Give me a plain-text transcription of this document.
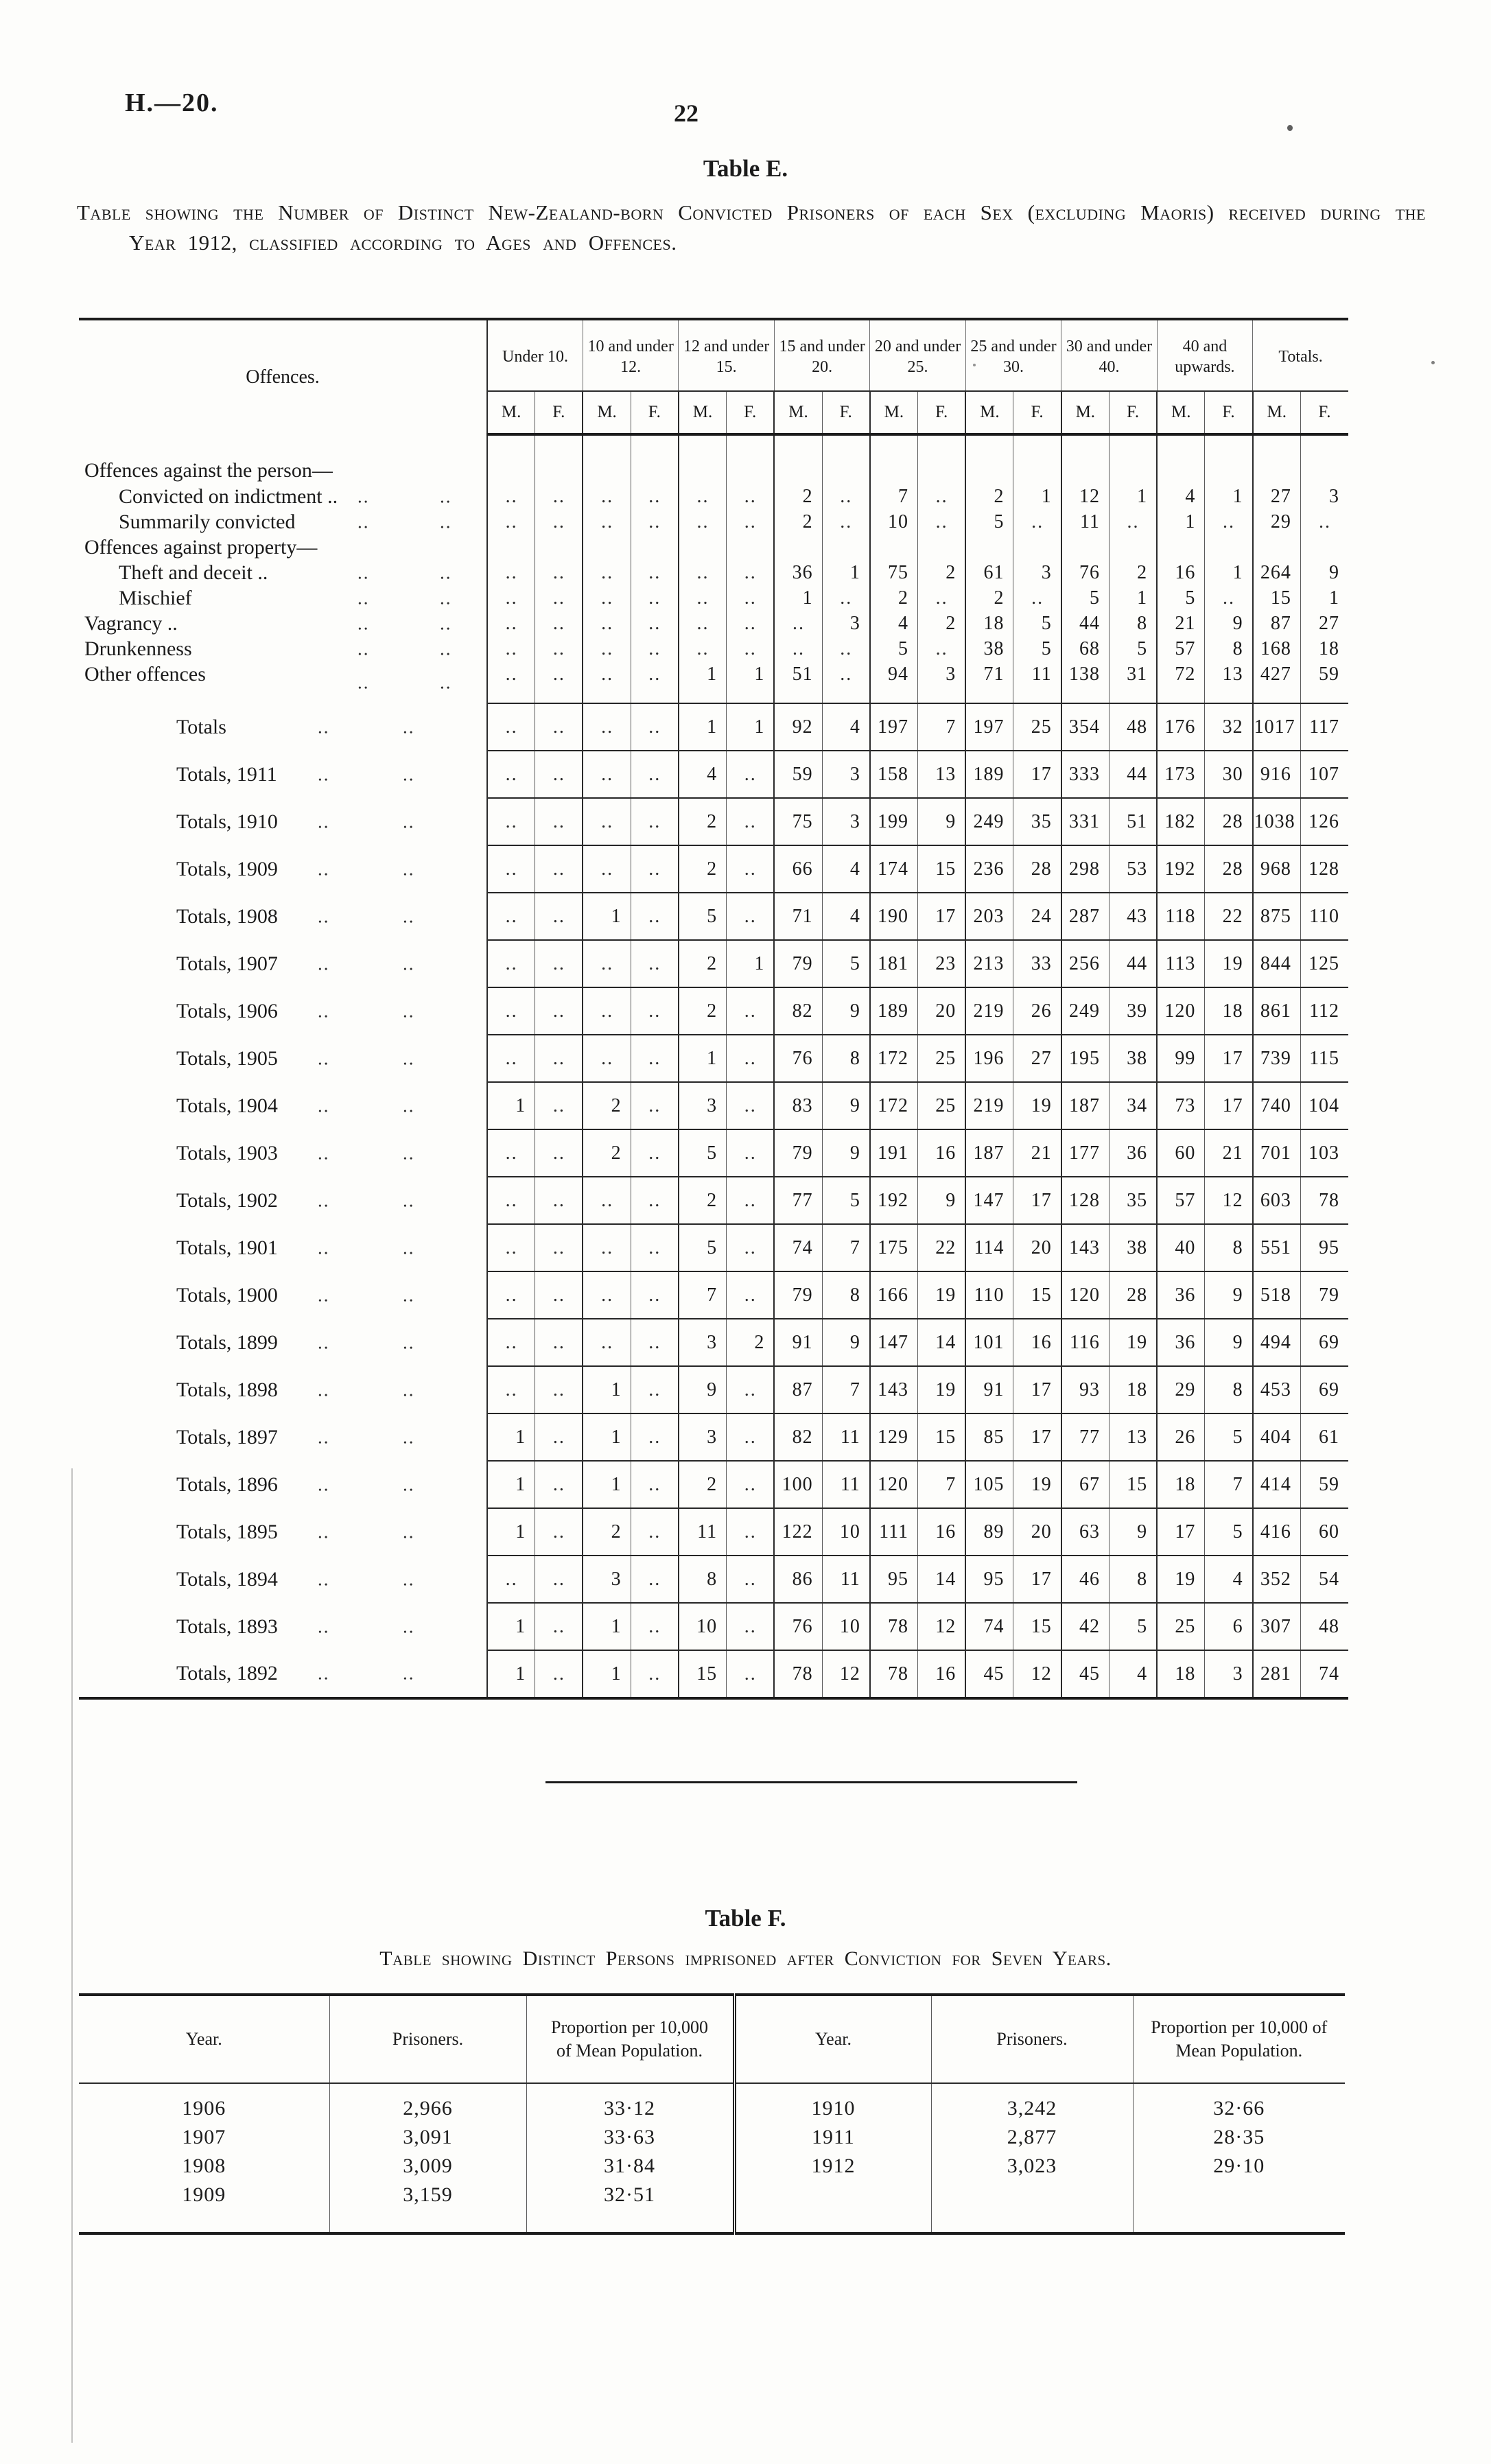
H.—20.	22
Table E.
Table showing the Number of Distinct New-Zealand-born Convicted Prisoners of each Sex (excluding Maoris) received during the Year 1912, classified according to Ages and Offences.
Offences.	Under 10.		10 and under 12.		12 and under 15.		15 and under 20.		20 and under 25.		25 and under 30.		30 and under 40.		40 and upwards.		Totals.	
	M.	F.	M.	F.	M.	F.	M.	F.	M.	F.	M.	F.	M.	F.	M.	F.	M.	F.
Offences against the person—																		
Convicted on indictment .. .. ..	..	..	..	..	..	..	2	..	7	..	2	1	12	1	4	1	27	3
Summarily convicted .. ..	..	..	..	..	..	..	2	..	10	..	5	..	11	..	1	..	29	..
Offences against property—																		
Theft and deceit .. .. ..	..	..	..	..	..	..	36	1	75	2	61	3	76	2	16	1	264	9
Mischief .. ..	..	..	..	..	..	..	1	..	2	..	2	..	5	1	5	..	15	1
Vagrancy .. .. ..	..	..	..	..	..	..	..	3	4	2	18	5	44	8	21	9	87	27
Drunkenness .. ..	..	..	..	..	..	..	..	..	5	..	38	5	68	5	57	8	168	18
Other offences .. ..	..	..	..	..	1	1	51	..	94	3	71	11	138	31	72	13	427	59
Totals .. ..	..	..	..	..	1	1	92	4	197	7	197	25	354	48	176	32	1017	117
Totals, 1911 .. ..	..	..	..	..	4	..	59	3	158	13	189	17	333	44	173	30	916	107
Totals, 1910 .. ..	..	..	..	..	2	..	75	3	199	9	249	35	331	51	182	28	1038	126
Totals, 1909 .. ..	..	..	..	..	2	..	66	4	174	15	236	28	298	53	192	28	968	128
Totals, 1908 .. ..	..	..	1	..	5	..	71	4	190	17	203	24	287	43	118	22	875	110
Totals, 1907 .. ..	..	..	..	..	2	1	79	5	181	23	213	33	256	44	113	19	844	125
Totals, 1906 .. ..	..	..	..	..	2	..	82	9	189	20	219	26	249	39	120	18	861	112
Totals, 1905 .. ..	..	..	..	..	1	..	76	8	172	25	196	27	195	38	99	17	739	115
Totals, 1904 .. ..	1	..	2	..	3	..	83	9	172	25	219	19	187	34	73	17	740	104
Totals, 1903 .. ..	..	..	2	..	5	..	79	9	191	16	187	21	177	36	60	21	701	103
Totals, 1902 .. ..	..	..	..	..	2	..	77	5	192	9	147	17	128	35	57	12	603	78
Totals, 1901 .. ..	..	..	..	..	5	..	74	7	175	22	114	20	143	38	40	8	551	95
Totals, 1900 .. ..	..	..	..	..	7	..	79	8	166	19	110	15	120	28	36	9	518	79
Totals, 1899 .. ..	..	..	..	..	3	2	91	9	147	14	101	16	116	19	36	9	494	69
Totals, 1898 .. ..	..	..	1	..	9	..	87	7	143	19	91	17	93	18	29	8	453	69
Totals, 1897 .. ..	1	..	1	..	3	..	82	11	129	15	85	17	77	13	26	5	404	61
Totals, 1896 .. ..	1	..	1	..	2	..	100	11	120	7	105	19	67	15	18	7	414	59
Totals, 1895 .. ..	1	..	2	..	11	..	122	10	111	16	89	20	63	9	17	5	416	60
Totals, 1894 .. ..	..	..	3	..	8	..	86	11	95	14	95	17	46	8	19	4	352	54
Totals, 1893 .. ..	1	..	1	..	10	..	76	10	78	12	74	15	42	5	25	6	307	48
Totals, 1892 .. ..	1	..	1	..	15	..	78	12	78	16	45	12	45	4	18	3	281	74
Table F.
Table showing Distinct Persons imprisoned after Conviction for Seven Years.
Year.	Prisoners.	Proportion per 10,000 of Mean Population.	Year.	Prisoners.	Proportion per 10,000 of Mean Population.
1906	2,966	33·12	1910	3,242	32·66
1907	3,091	33·63	1911	2,877	28·35
1908	3,009	31·84	1912	3,023	29·10
1909	3,159	32·51			
